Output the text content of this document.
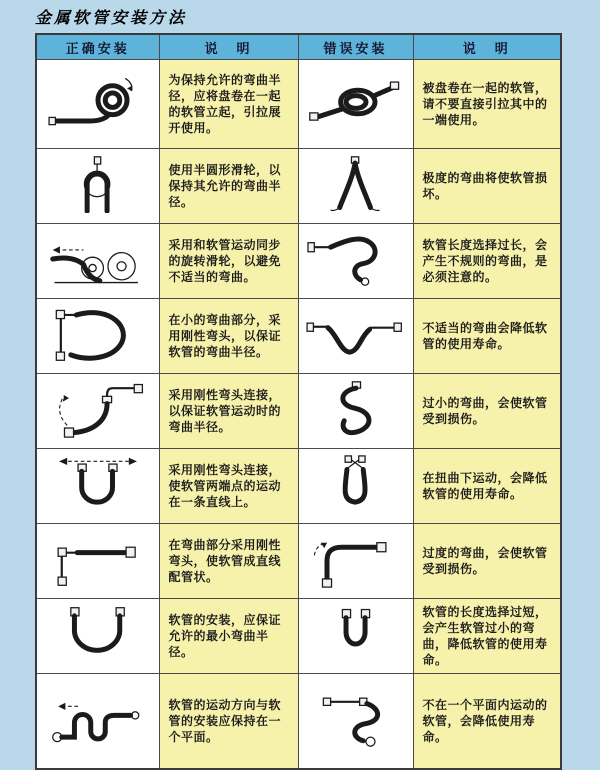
金属软管安装方法
正确安装	说　明	错误安装	说　明
	为保持允许的弯曲半径，应将盘卷在一起的软管立起，引拉展开使用。		被盘卷在一起的软管，请不要直接引拉其中的一端使用。
	使用半圆形滑轮，以保持其允许的弯曲半径。		极度的弯曲将使软管损坏。
	采用和软管运动同步的旋转滑轮，以避免不适当的弯曲。		软管长度选择过长，会产生不规则的弯曲，是必须注意的。
	在小的弯曲部分，采用刚性弯头，以保证软管的弯曲半径。		不适当的弯曲会降低软管的使用寿命。
	采用刚性弯头连接，以保证软管运动时的弯曲半径。		过小的弯曲，会使软管受到损伤。
	采用刚性弯头连接，使软管两端点的运动在一条直线上。		在扭曲下运动，会降低软管的使用寿命。
	在弯曲部分采用刚性弯头，使软管成直线配管状。		过度的弯曲，会使软管受到损伤。
	软管的安装，应保证允许的最小弯曲半径。		软管的长度选择过短，会产生软管过小的弯曲，降低软管的使用寿命。
	软管的运动方向与软管的安装应保持在一个平面。		不在一个平面内运动的软管，会降低使用寿命。
